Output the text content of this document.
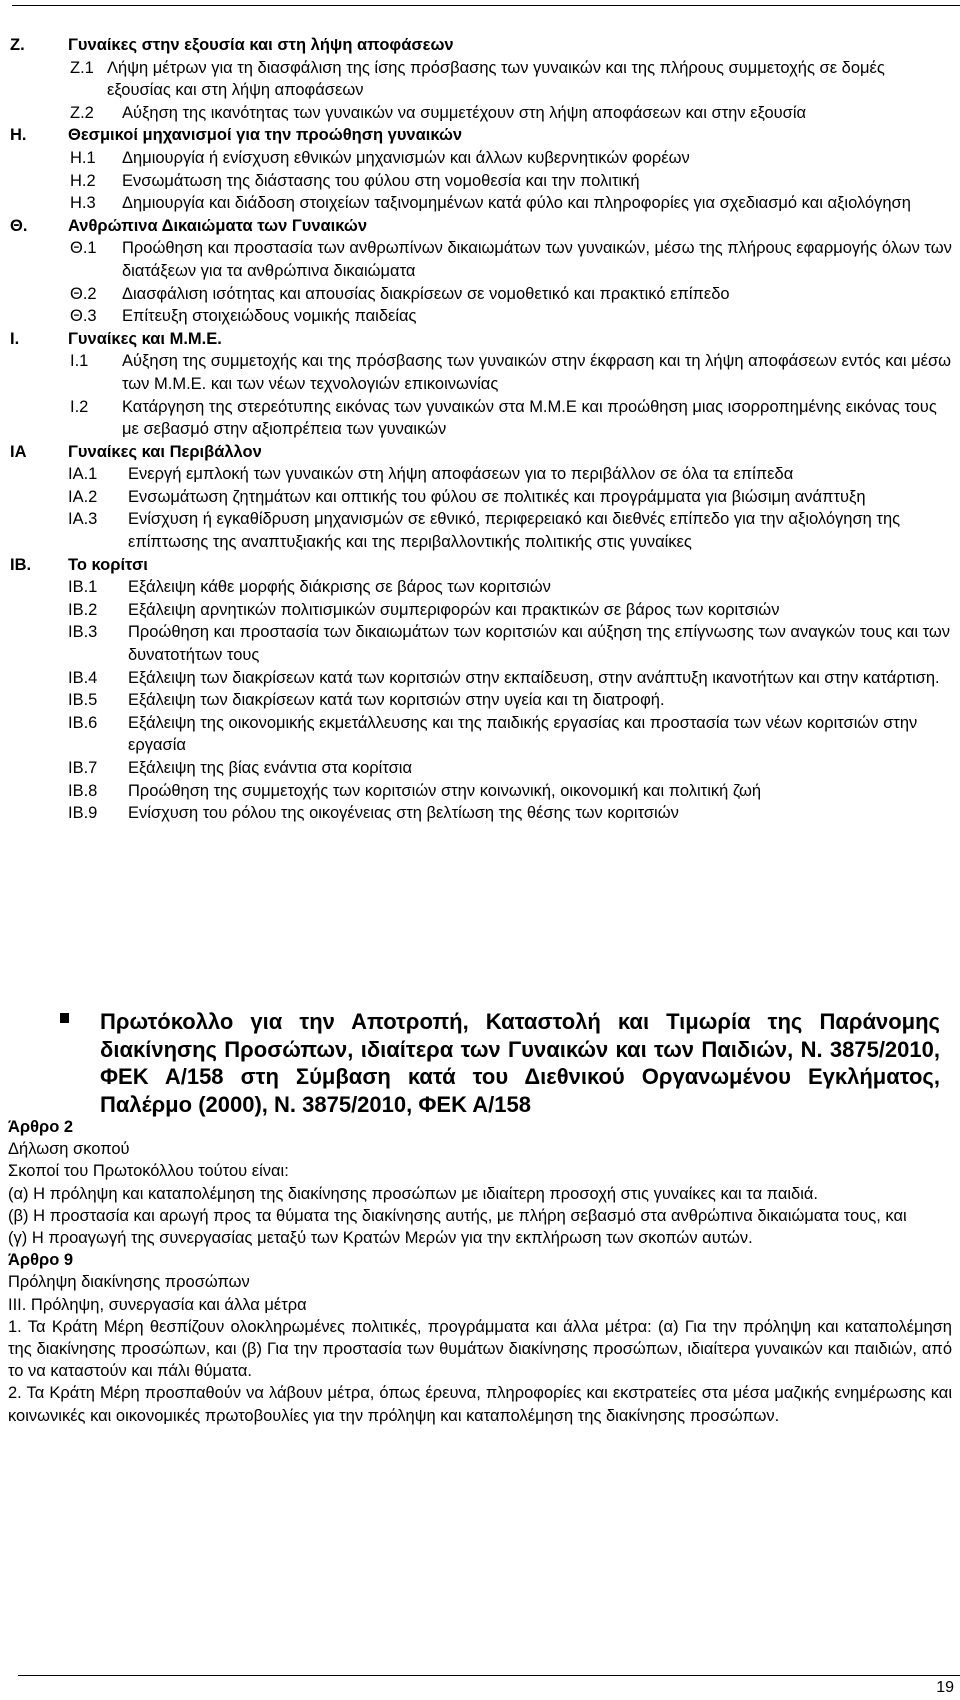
Ζ.	Γυναίκες στην εξουσία και στη λήψη αποφάσεων
Ζ.1 Λήψη μέτρων για τη διασφάλιση της ίσης πρόσβασης των γυναικών και της πλήρους συμμετοχής σε δομές εξουσίας και στη λήψη αποφάσεων
Ζ.2 Αύξηση της ικανότητας των γυναικών να συμμετέχουν στη λήψη αποφάσεων και στην εξουσία
Η.	Θεσμικοί μηχανισμοί για την προώθηση γυναικών
Η.1 Δημιουργία ή ενίσχυση εθνικών μηχανισμών και άλλων κυβερνητικών φορέων
Η.2 Ενσωμάτωση της διάστασης του φύλου στη νομοθεσία και την πολιτική
Η.3 Δημιουργία και διάδοση στοιχείων ταξινομημένων κατά φύλο και πληροφορίες για σχεδιασμό και αξιολόγηση
Θ. Ανθρώπινα Δικαιώματα των Γυναικών
Θ.1 Προώθηση και προστασία των ανθρωπίνων δικαιωμάτων των γυναικών, μέσω της πλήρους εφαρμογής όλων των διατάξεων για τα ανθρώπινα δικαιώματα
Θ.2 Διασφάλιση ισότητας και απουσίας διακρίσεων σε νομοθετικό και πρακτικό επίπεδο
Θ.3 Επίτευξη στοιχειώδους νομικής παιδείας
Ι.	Γυναίκες και Μ.Μ.Ε.
Ι.1 Αύξηση της συμμετοχής και της πρόσβασης των γυναικών στην έκφραση και τη λήψη αποφάσεων εντός και μέσω των Μ.Μ.Ε. και των νέων τεχνολογιών επικοινωνίας
Ι.2 Κατάργηση της στερεότυπης εικόνας των γυναικών στα Μ.Μ.Ε και προώθηση μιας ισορροπημένης εικόνας τους με σεβασμό στην αξιοπρέπεια των γυναικών
ΙΑ	Γυναίκες και Περιβάλλον
ΙΑ.1 Ενεργή εμπλοκή των γυναικών στη λήψη αποφάσεων για το περιβάλλον σε όλα τα επίπεδα
ΙΑ.2 Ενσωμάτωση ζητημάτων και οπτικής του φύλου σε πολιτικές και προγράμματα για βιώσιμη ανάπτυξη
ΙΑ.3 Ενίσχυση ή εγκαθίδρυση μηχανισμών σε εθνικό, περιφερειακό και διεθνές επίπεδο για την αξιολόγηση της επίπτωσης της αναπτυξιακής και της περιβαλλοντικής πολιτικής στις γυναίκες
ΙΒ. Το κορίτσι
ΙΒ.1 Εξάλειψη κάθε μορφής διάκρισης σε βάρος των κοριτσιών
ΙΒ.2 Εξάλειψη αρνητικών πολιτισμικών συμπεριφορών και πρακτικών σε βάρος των κοριτσιών
ΙΒ.3 Προώθηση και προστασία των δικαιωμάτων των κοριτσιών και αύξηση της επίγνωσης των αναγκών τους και των δυνατοτήτων τους
ΙΒ.4 Εξάλειψη των διακρίσεων κατά των κοριτσιών στην εκπαίδευση, στην ανάπτυξη ικανοτήτων και στην κατάρτιση.
ΙΒ.5 Εξάλειψη των διακρίσεων κατά των κοριτσιών στην υγεία και τη διατροφή.
ΙΒ.6 Εξάλειψη της οικονομικής εκμετάλλευσης και της παιδικής εργασίας και προστασία των νέων κοριτσιών στην εργασία
ΙΒ.7 Εξάλειψη της βίας ενάντια στα κορίτσια
ΙΒ.8 Προώθηση της συμμετοχής των κοριτσιών στην κοινωνική, οικονομική και πολιτική ζωή
ΙΒ.9 Ενίσχυση του ρόλου της οικογένειας στη βελτίωση της θέσης των κοριτσιών
Πρωτόκολλο για την Αποτροπή, Καταστολή και Τιμωρία της Παράνομης διακίνησης Προσώπων, ιδιαίτερα των Γυναικών και των Παιδιών, Ν. 3875/2010, ΦΕΚ Α/158 στη Σύμβαση κατά του Διεθνικού Οργανωμένου Εγκλήματος, Παλέρμο (2000), Ν. 3875/2010, ΦΕΚ Α/158

Άρθρο 2

Δήλωση σκοπού

Σκοποί του Πρωτοκόλλου τούτου είναι:

(α) Η πρόληψη και καταπολέμηση της διακίνησης προσώπων με ιδιαίτερη προσοχή στις γυναίκες και τα παιδιά.

(β) Η προστασία και αρωγή προς τα θύματα της διακίνησης αυτής, με πλήρη σεβασμό στα ανθρώπινα δικαιώματα τους, και

(γ) Η προαγωγή της συνεργασίας μεταξύ των Κρατών Μερών για την εκπλήρωση των σκοπών αυτών.

Άρθρο 9

Πρόληψη διακίνησης προσώπων

ΙΙΙ. Πρόληψη, συνεργασία και άλλα μέτρα

1. Τα Κράτη Μέρη θεσπίζουν ολοκληρωμένες πολιτικές, προγράμματα και άλλα μέτρα: (α) Για την πρόληψη και καταπολέμηση της διακίνησης προσώπων, και (β) Για την προστασία των θυμάτων διακίνησης προσώπων, ιδιαίτερα γυναικών και παιδιών, από το να καταστούν και πάλι θύματα.

2. Τα Κράτη Μέρη προσπαθούν να λάβουν μέτρα, όπως έρευνα, πληροφορίες και εκστρατείες στα μέσα μαζικής ενημέρωσης και κοινωνικές και οικονομικές πρωτοβουλίες για την πρόληψη και καταπολέμηση της διακίνησης προσώπων.

19
